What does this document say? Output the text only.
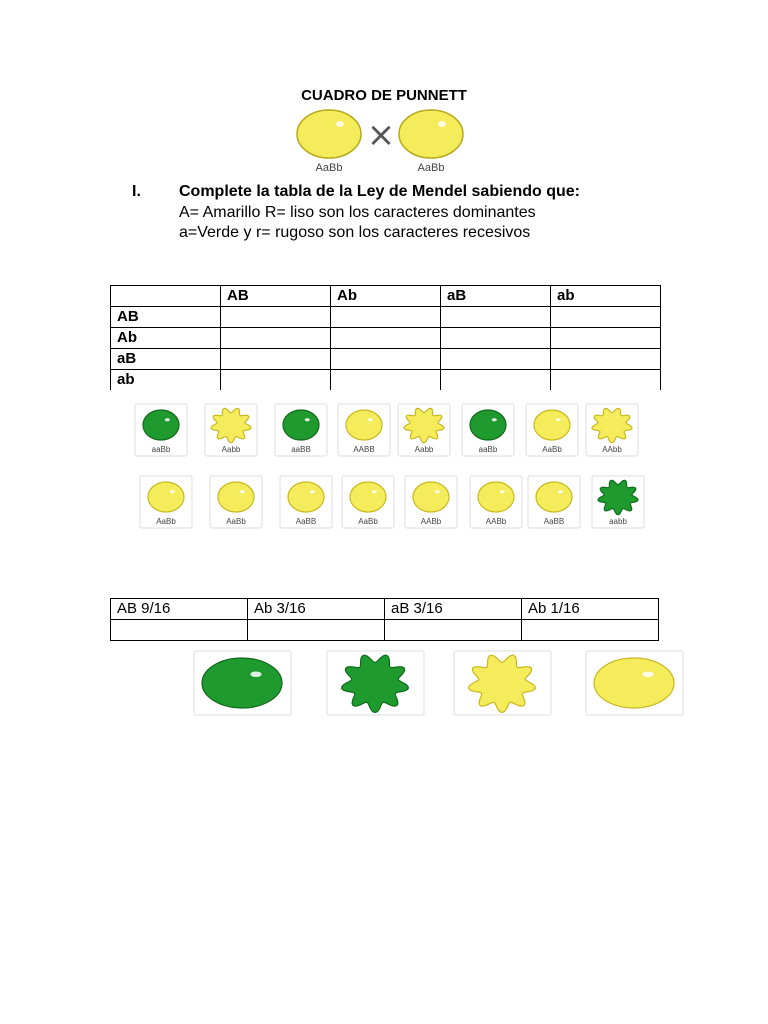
CUADRO DE PUNNETT
×
AaBb	AaBb
I. Complete la tabla de la Ley de Mendel sabiendo que:
A= Amarillo R= liso son los caracteres dominantes
a=Verde y r= rugoso son los caracteres recesivos
	AB	Ab	aB	ab
AB				
Ab				
aB				
ab				
aaBb	Aabb	aaBB	AABB	Aabb	aaBb	AaBb	AAbb
AaBb	AaBb	AaBB	AaBb	AABb	AABb	AaBB	aabb
AB 9/16	Ab 3/16	aB 3/16	Ab 1/16
